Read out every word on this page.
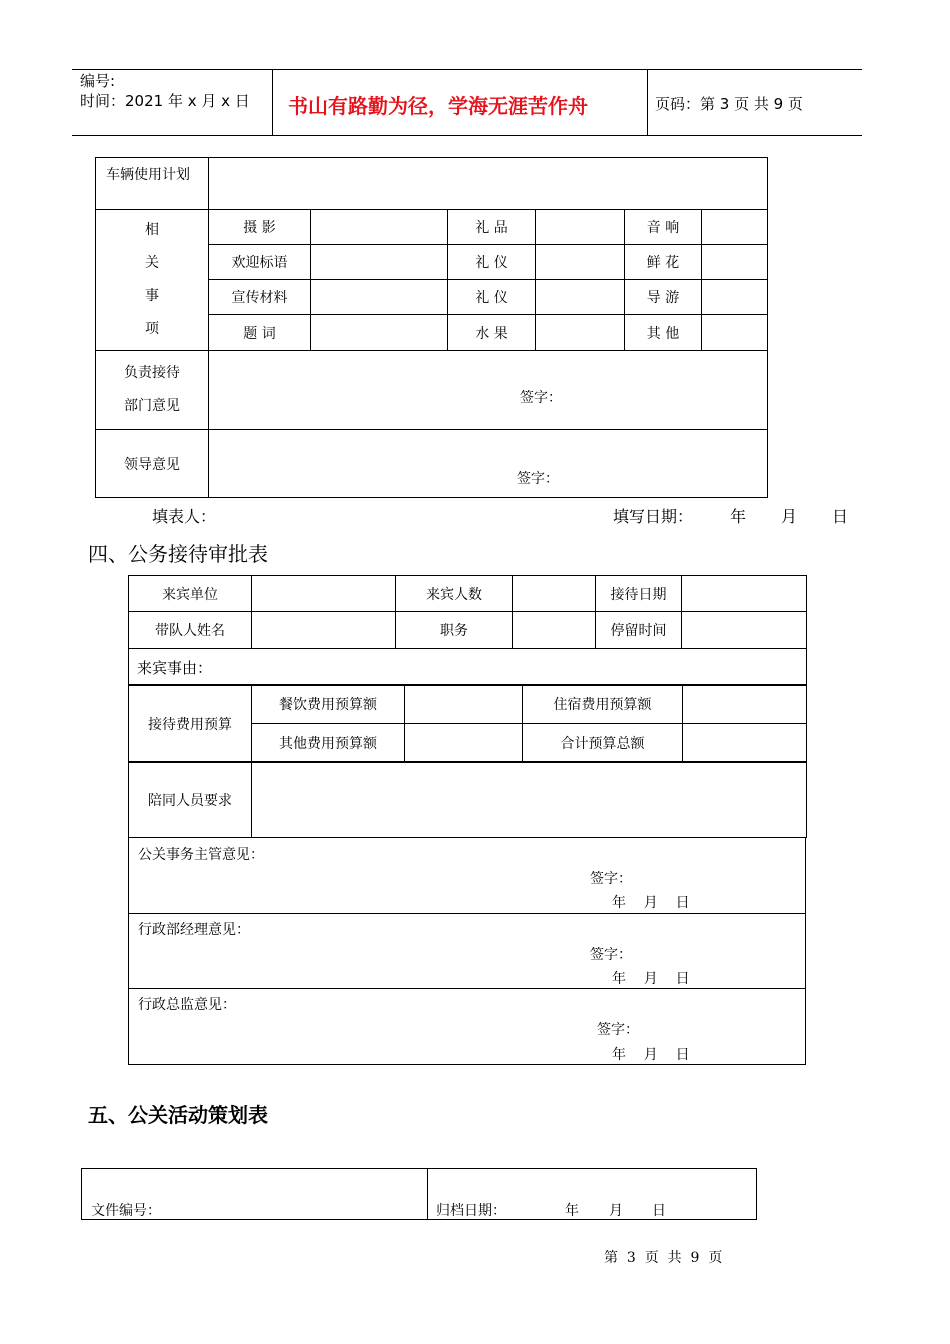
编号:
时间：2021 年 x 月 x 日 书山有路勤为径，学海无涯苦作舟	页码：第 3 页 共 9 页
车辆使用计划						

相
关
事
项	摄 影		礼 品		音 响	
	欢迎标语		礼 仪		鲜 花	
	宣传材料		礼 仪		导 游	
	题 词		水 果		其 他	

负责接待
部门意见	签字：					

领导意见	签字：					
填表人：	填写日期： 年 月 日
四、公务接待审批表
来宾单位		来宾人数		接待日期	
带队人姓名		职务		停留时间	
来宾事由：					
接待费用预算	餐饮费用预算额		住宿费用预算额	
	其他费用预算额		合计预算总额	
陪同人员要求	
公关事务主管意见：
签字：
年    月    日
行政部经理意见：
签字：
年    月    日
行政总监意见：
签字：
年    月    日
五、公关活动策划表
文件编号：	归档日期：	年 月 日
第  3  页  共  9  页
